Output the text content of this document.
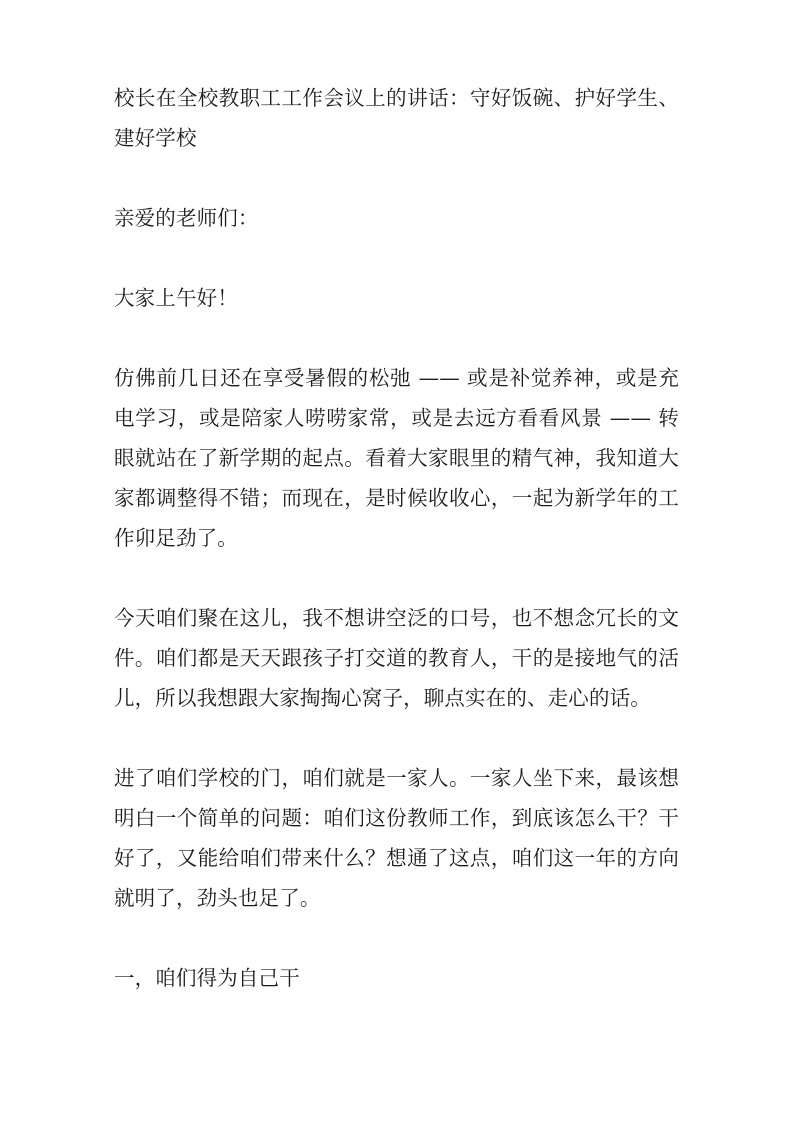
校长在全校教职工工作会议上的讲话：守好饭碗、护好学生、建好学校

亲爱的老师们：

大家上午好！

仿佛前几日还在享受暑假的松弛 —— 或是补觉养神，或是充电学习，或是陪家人唠唠家常，或是去远方看看风景 —— 转眼就站在了新学期的起点。看着大家眼里的精气神，我知道大家都调整得不错；而现在，是时候收收心，一起为新学年的工作卯足劲了。

今天咱们聚在这儿，我不想讲空泛的口号，也不想念冗长的文件。咱们都是天天跟孩子打交道的教育人，干的是接地气的活儿，所以我想跟大家掏掏心窝子，聊点实在的、走心的话。

进了咱们学校的门，咱们就是一家人。一家人坐下来，最该想明白一个简单的问题：咱们这份教师工作，到底该怎么干？干好了，又能给咱们带来什么？想通了这点，咱们这一年的方向就明了，劲头也足了。

一，咱们得为自己干
